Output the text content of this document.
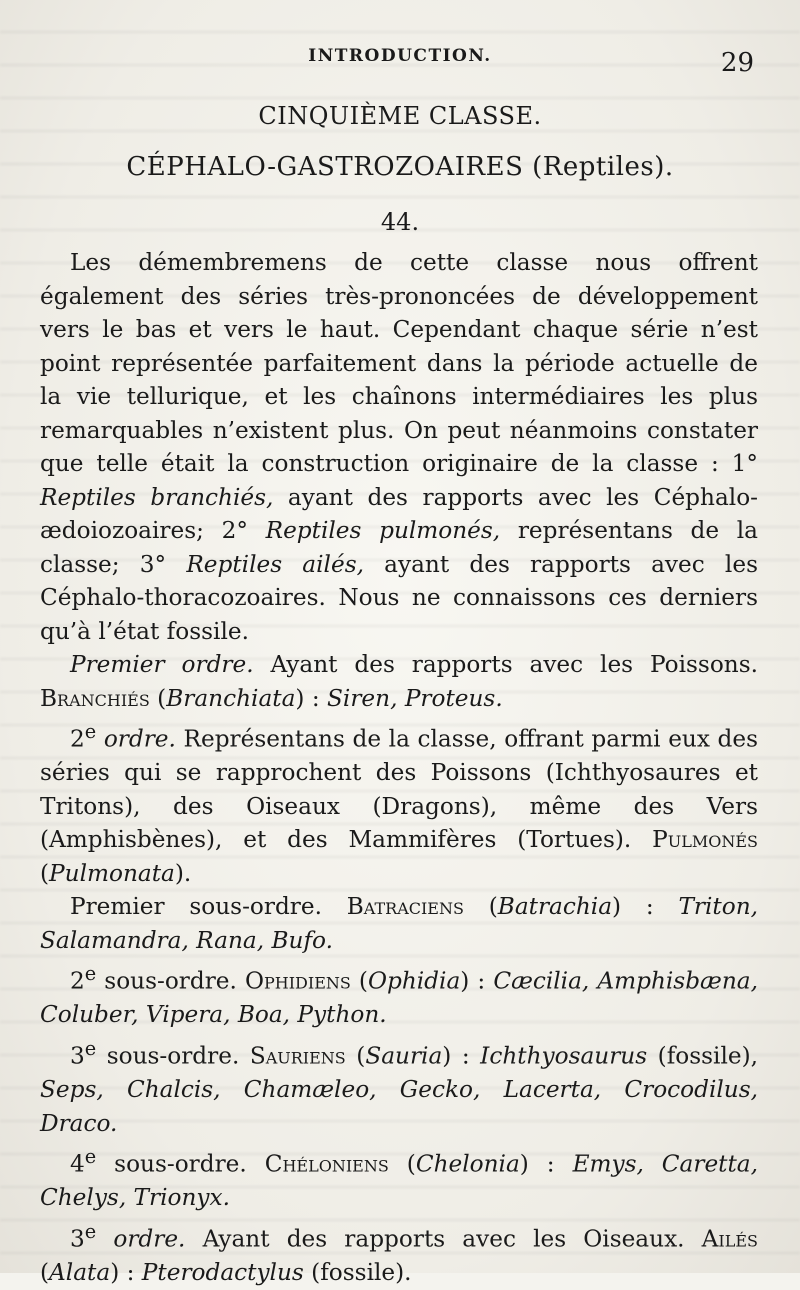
INTRODUCTION.	29
CINQUIÈME CLASSE.
CÉPHALO-GASTROZOAIRES (Reptiles).
44.

Les démembremens de cette classe nous offrent également des séries très-prononcées de développement vers le bas et vers le haut. Cependant chaque série n’est point représentée parfaitement dans la période actuelle de la vie tellurique, et les chaînons intermédiaires les plus remarquables n’existent plus. On peut néanmoins constater que telle était la construction originaire de la classe : 1° Reptiles branchiés, ayant des rapports avec les Céphalo-ædoiozoaires; 2° Reptiles pulmonés, représentans de la classe; 3° Reptiles ailés, ayant des rapports avec les Céphalo-thoracozoaires. Nous ne connaissons ces derniers qu’à l’état fossile.

Premier ordre. Ayant des rapports avec les Poissons. Branchiés (Branchiata) : Siren, Proteus.

2e ordre. Représentans de la classe, offrant parmi eux des séries qui se rapprochent des Poissons (Ichthyosaures et Tritons), des Oiseaux (Dragons), même des Vers (Amphisbènes), et des Mammifères (Tortues). Pulmonés (Pulmonata).

Premier sous-ordre. Batraciens (Batrachia) : Triton, Salamandra, Rana, Bufo.

2e sous-ordre. Ophidiens (Ophidia) : Cæcilia, Amphisbæna, Coluber, Vipera, Boa, Python.

3e sous-ordre. Sauriens (Sauria) : Ichthyosaurus (fossile), Seps, Chalcis, Chamæleo, Gecko, Lacerta, Crocodilus, Draco.

4e sous-ordre. Chéloniens (Chelonia) : Emys, Caretta, Chelys, Trionyx.

3e ordre. Ayant des rapports avec les Oiseaux. Ailés (Alata) : Pterodactylus (fossile).
